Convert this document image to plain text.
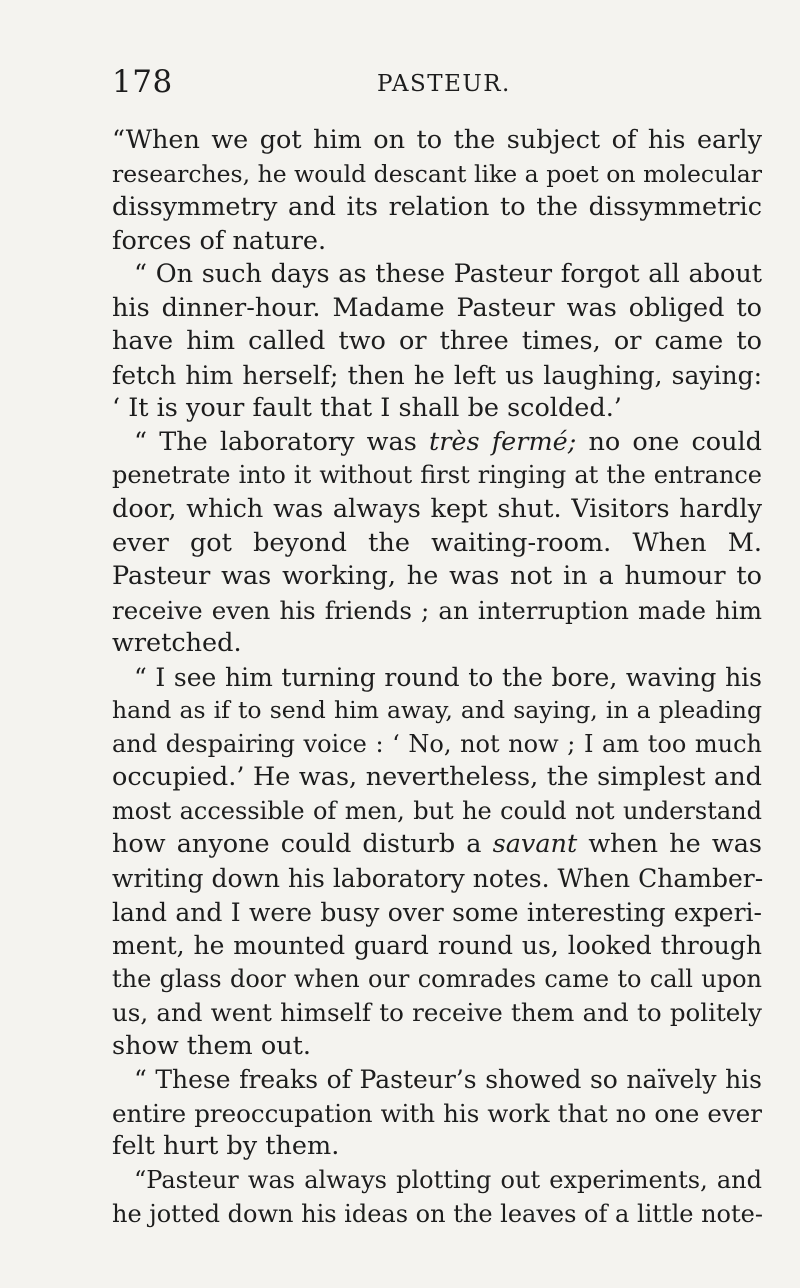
178	PASTEUR.
“When we got him on to the subject of his early
researches, he would descant like a poet on molecular
dissymmetry and its relation to the dissymmetric
forces of nature.
“ On such days as these Pasteur forgot all about
his dinner-hour. Madame Pasteur was obliged to
have him called two or three times, or came to
fetch him herself; then he left us laughing, saying:
‘ It is your fault that I shall be scolded.’
“ The laboratory was très fermé; no one could
penetrate into it without first ringing at the entrance
door, which was always kept shut. Visitors hardly
ever got beyond the waiting-room. When M.
Pasteur was working, he was not in a humour to
receive even his friends ; an interruption made him
wretched.
“ I see him turning round to the bore, waving his
hand as if to send him away, and saying, in a pleading
and despairing voice : ‘ No, not now ; I am too much
occupied.’ He was, nevertheless, the simplest and
most accessible of men, but he could not understand
how anyone could disturb a savant when he was
writing down his laboratory notes. When Chamber-
land and I were busy over some interesting experi-
ment, he mounted guard round us, looked through
the glass door when our comrades came to call upon
us, and went himself to receive them and to politely
show them out.
“ These freaks of Pasteur’s showed so naïvely his
entire preoccupation with his work that no one ever
felt hurt by them.
“Pasteur was always plotting out experiments, and
he jotted down his ideas on the leaves of a little note-
